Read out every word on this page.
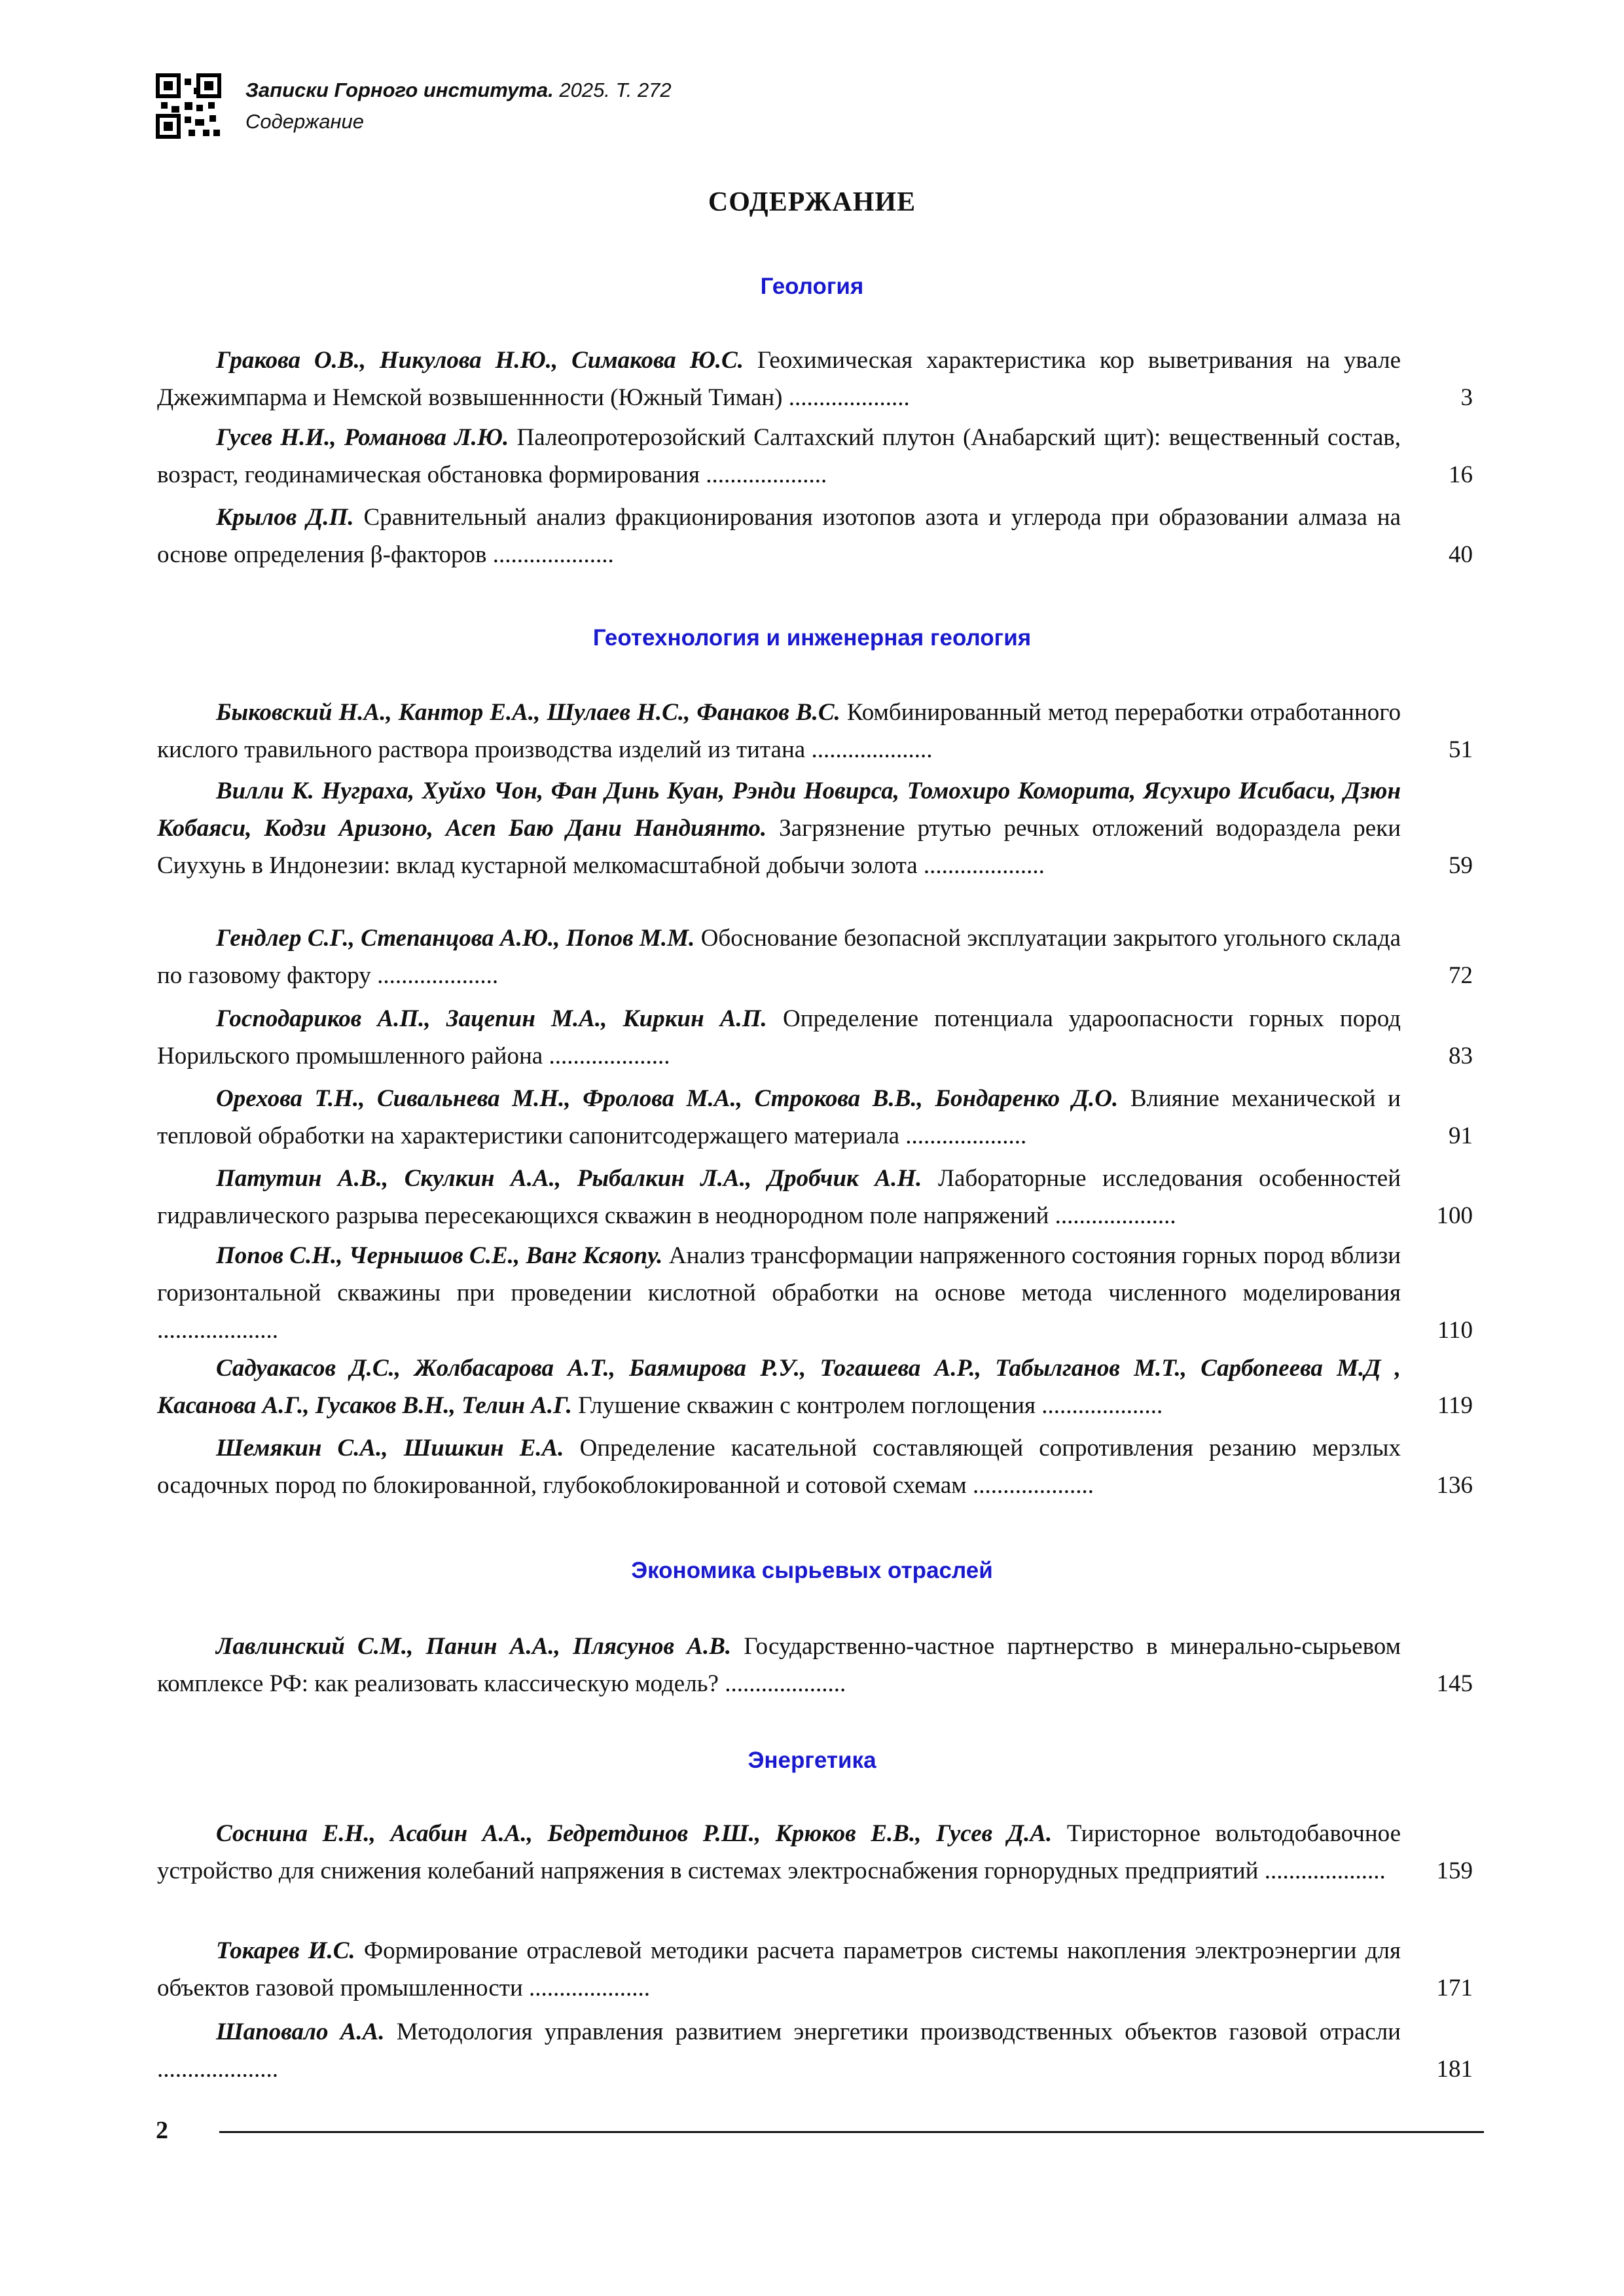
Записки Горного института. 2025. Т. 272
Содержание
СОДЕРЖАНИЕ
Геология
Гракова О.В., Никулова Н.Ю., Симакова Ю.С. Геохимическая характеристика кор выветривания на увале Джежимпарма и Немской возвышеннности (Южный Тиман) ....................	3
Гусев Н.И., Романова Л.Ю. Палеопротерозойский Салтахский плутон (Анабарский щит): вещественный состав, возраст, геодинамическая обстановка формирования ....................	16
Крылов Д.П. Сравнительный анализ фракционирования изотопов азота и углерода при образовании алмаза на основе определения β-факторов ....................	40
Геотехнология и инженерная геология
Быковский Н.А., Кантор Е.А., Шулаев Н.С., Фанаков В.С. Комбинированный метод переработки отработанного кислого травильного раствора производства изделий из титана ....................	51
Вилли К. Нуграха, Хуйхо Чон, Фан Динь Куан, Рэнди Новирса, Томохиро Коморита, Ясухиро Исибаси, Дзюн Кобаяси, Кодзи Аризоно, Асеп Баю Дани Нандиянто. Загрязнение ртутью речных отложений водораздела реки Сиухунь в Индонезии: вклад кустарной мелкомасштабной добычи золота ....................	59
Гендлер С.Г., Степанцова А.Ю., Попов М.М. Обоснование безопасной эксплуатации закрытого угольного склада по газовому фактору ....................	72
Господариков А.П., Зацепин М.А., Киркин А.П. Определение потенциала удароопасности горных пород Норильского промышленного района ....................	83
Орехова Т.Н., Сивальнева М.Н., Фролова М.А., Строкова В.В., Бондаренко Д.О. Влияние механической и тепловой обработки на характеристики сапонитсодержащего материала ....................	91
Патутин А.В., Скулкин А.А., Рыбалкин Л.А., Дробчик А.Н. Лабораторные исследования особенностей гидравлического разрыва пересекающихся скважин в неоднородном поле напряжений ....................	100
Попов С.Н., Чернышов С.Е., Ванг Ксяопу. Анализ трансформации напряженного состояния горных пород вблизи горизонтальной скважины при проведении кислотной обработки на основе метода численного моделирования ....................	110
Садуакасов Д.С., Жолбасарова А.Т., Баямирова Р.У., Тогашева А.Р., Табылганов М.Т., Сарбопеева М.Д , Касанова А.Г., Гусаков В.Н., Телин А.Г. Глушение скважин с контролем поглощения ....................	119
Шемякин С.А., Шишкин Е.А. Определение касательной составляющей сопротивления резанию мерзлых осадочных пород по блокированной, глубокоблокированной и сотовой схемам ....................	136
Экономика сырьевых отраслей
Лавлинский С.М., Панин А.А., Плясунов А.В. Государственно-частное партнерство в минерально-сырьевом комплексе РФ: как реализовать классическую модель? ....................	145
Энергетика
Соснина Е.Н., Асабин А.А., Бедретдинов Р.Ш., Крюков Е.В., Гусев Д.А. Тиристорное вольтодобавочное устройство для снижения колебаний напряжения в системах электроснабжения горнорудных предприятий ....................	159
Токарев И.С. Формирование отраслевой методики расчета параметров системы накопления электроэнергии для объектов газовой промышленности ....................	171
Шаповало А.А. Методология управления развитием энергетики производственных объектов газовой отрасли ....................	181
2
